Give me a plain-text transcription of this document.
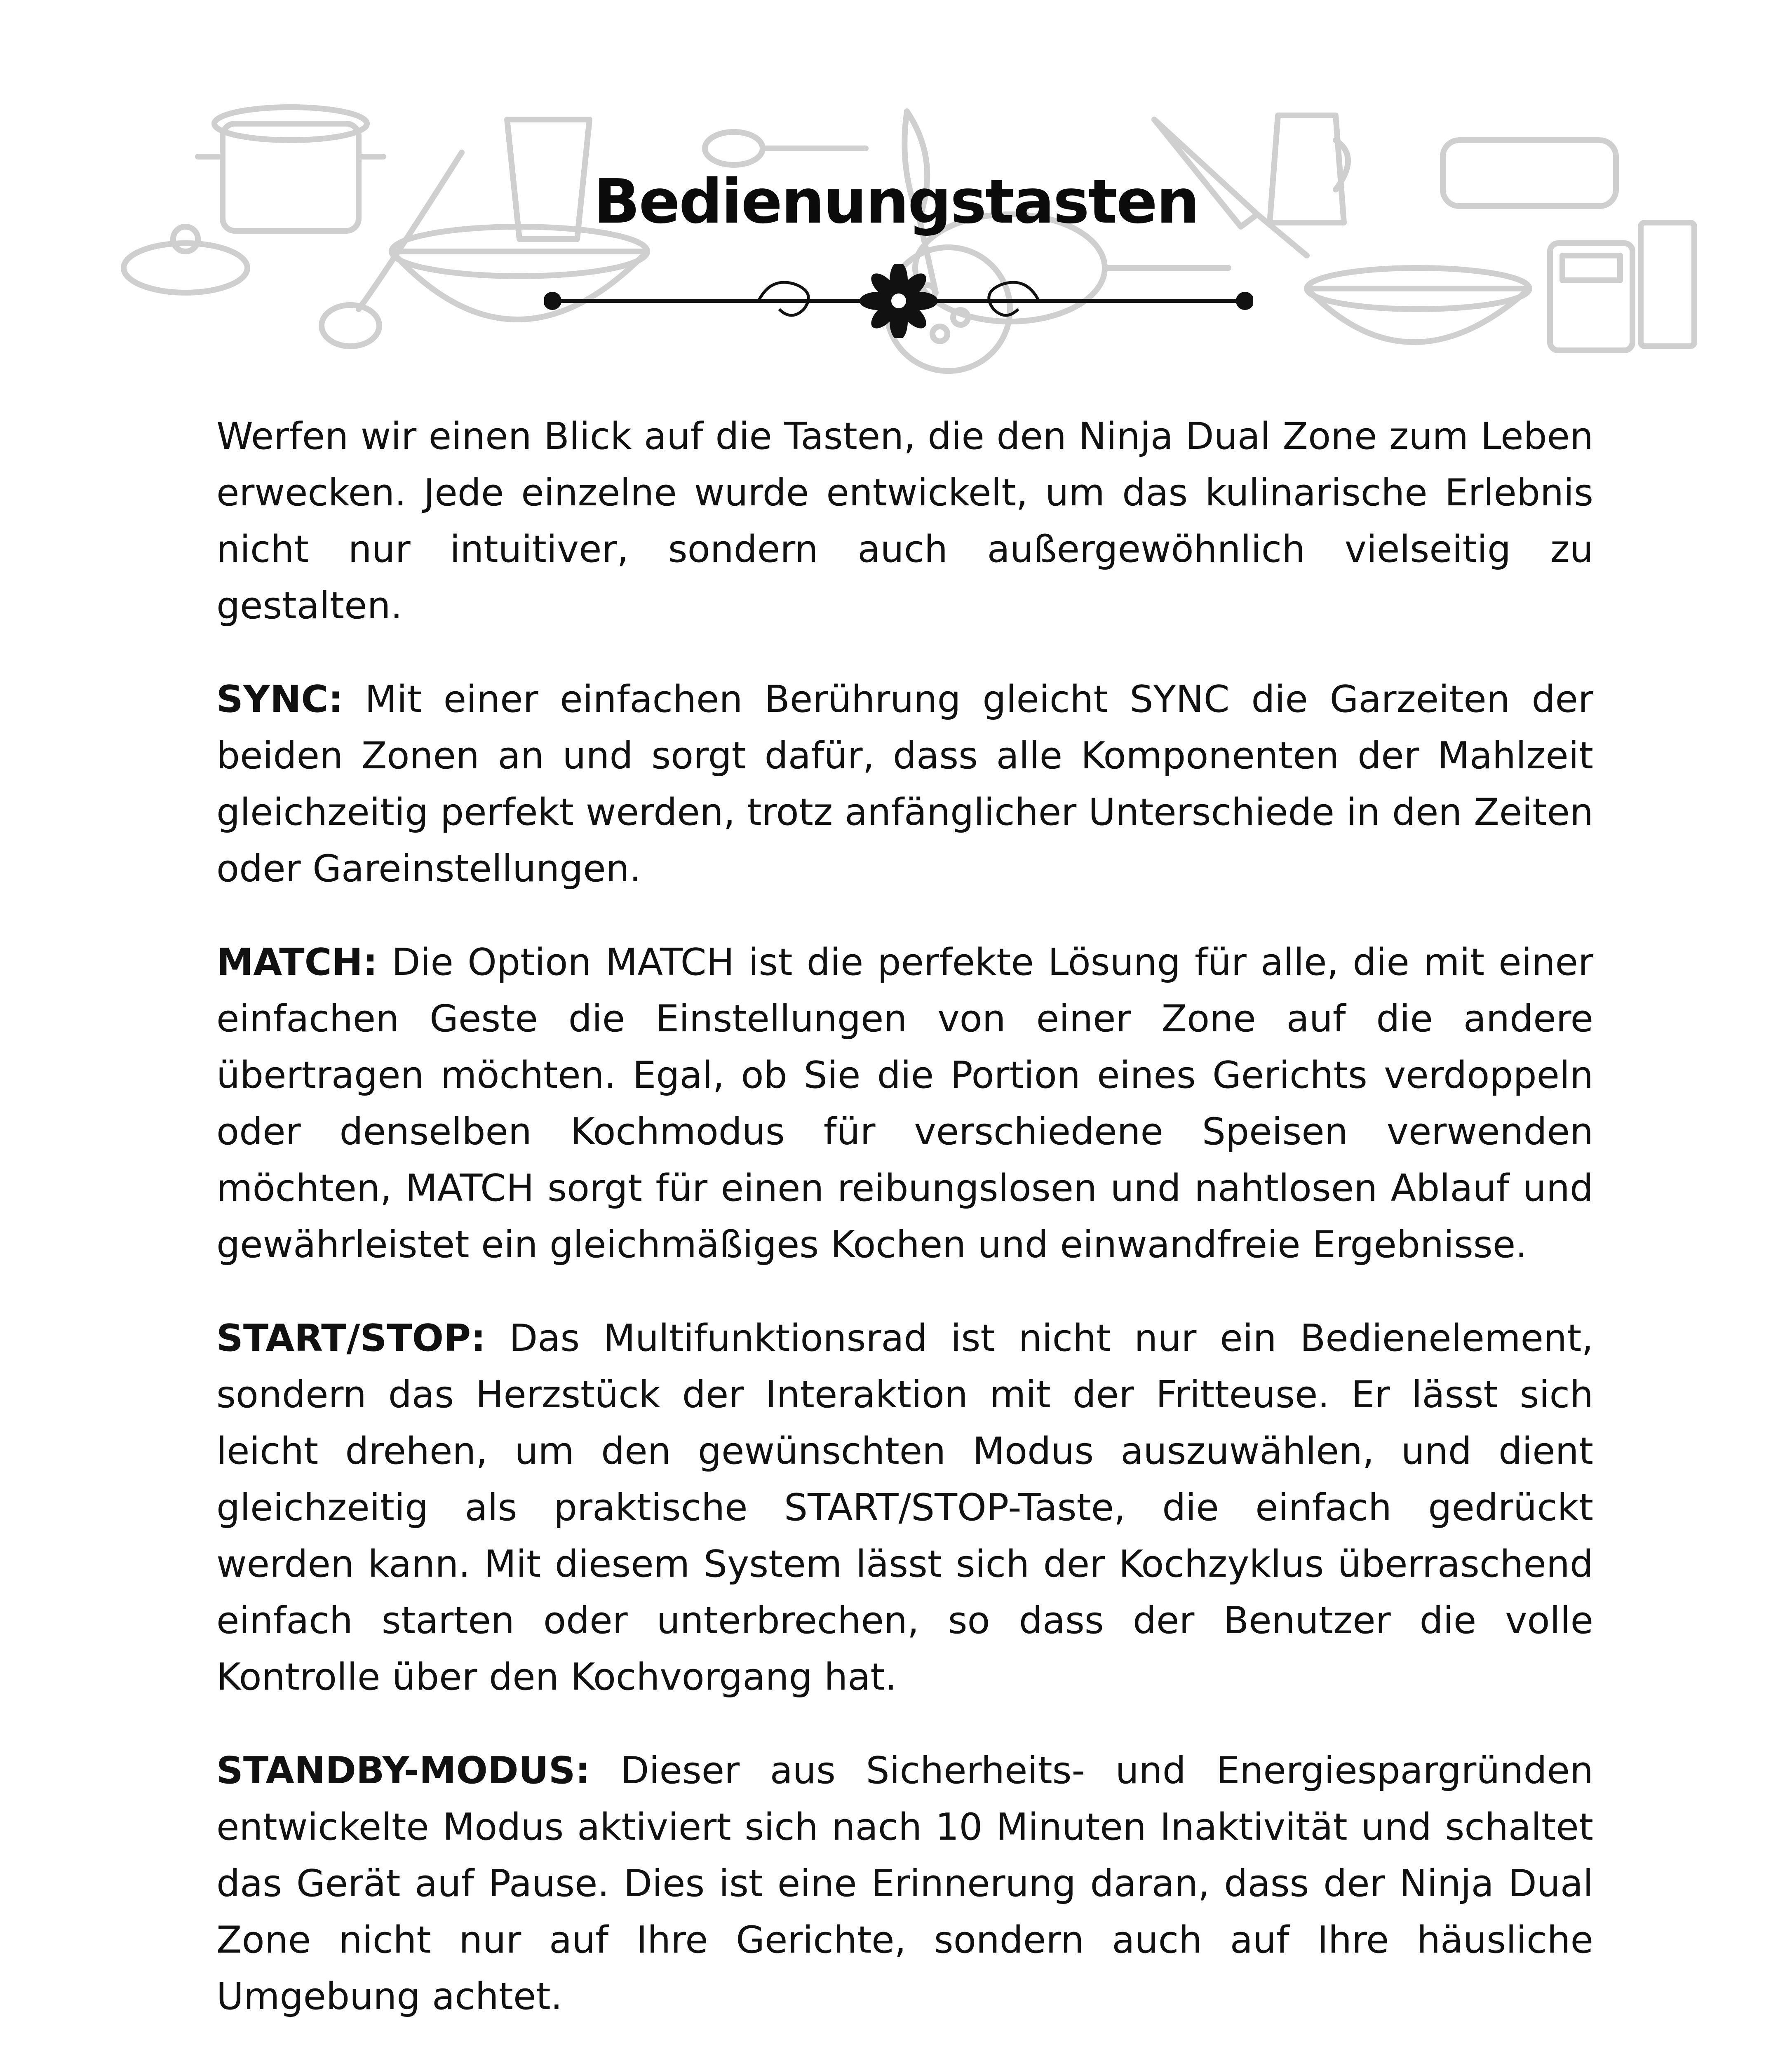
Bedienungstasten

Werfen wir einen Blick auf die Tasten, die den Ninja Dual Zone zum Leben erwecken. Jede einzelne wurde entwickelt, um das kulinarische Erlebnis nicht nur intuitiver, sondern auch außergewöhnlich vielseitig zu gestalten.

SYNC: Mit einer einfachen Berührung gleicht SYNC die Garzeiten der beiden Zonen an und sorgt dafür, dass alle Komponenten der Mahlzeit gleichzeitig perfekt werden, trotz anfänglicher Unterschiede in den Zeiten oder Gareinstellungen.

MATCH: Die Option MATCH ist die perfekte Lösung für alle, die mit einer einfachen Geste die Einstellungen von einer Zone auf die andere übertragen möchten. Egal, ob Sie die Portion eines Gerichts verdoppeln oder denselben Kochmodus für verschiedene Speisen verwenden möchten, MATCH sorgt für einen reibungslosen und nahtlosen Ablauf und gewährleistet ein gleichmäßiges Kochen und einwandfreie Ergebnisse.

START/STOP: Das Multifunktionsrad ist nicht nur ein Bedienelement, sondern das Herzstück der Interaktion mit der Fritteuse. Er lässt sich leicht drehen, um den gewünschten Modus auszuwählen, und dient gleichzeitig als praktische START/STOP-Taste, die einfach gedrückt werden kann. Mit diesem System lässt sich der Kochzyklus überraschend einfach starten oder unterbrechen, so dass der Benutzer die volle Kontrolle über den Kochvorgang hat.

STANDBY-MODUS: Dieser aus Sicherheits- und Energiespargründen entwickelte Modus aktiviert sich nach 10 Minuten Inaktivität und schaltet das Gerät auf Pause. Dies ist eine Erinnerung daran, dass der Ninja Dual Zone nicht nur auf Ihre Gerichte, sondern auch auf Ihre häusliche Umgebung achtet.
